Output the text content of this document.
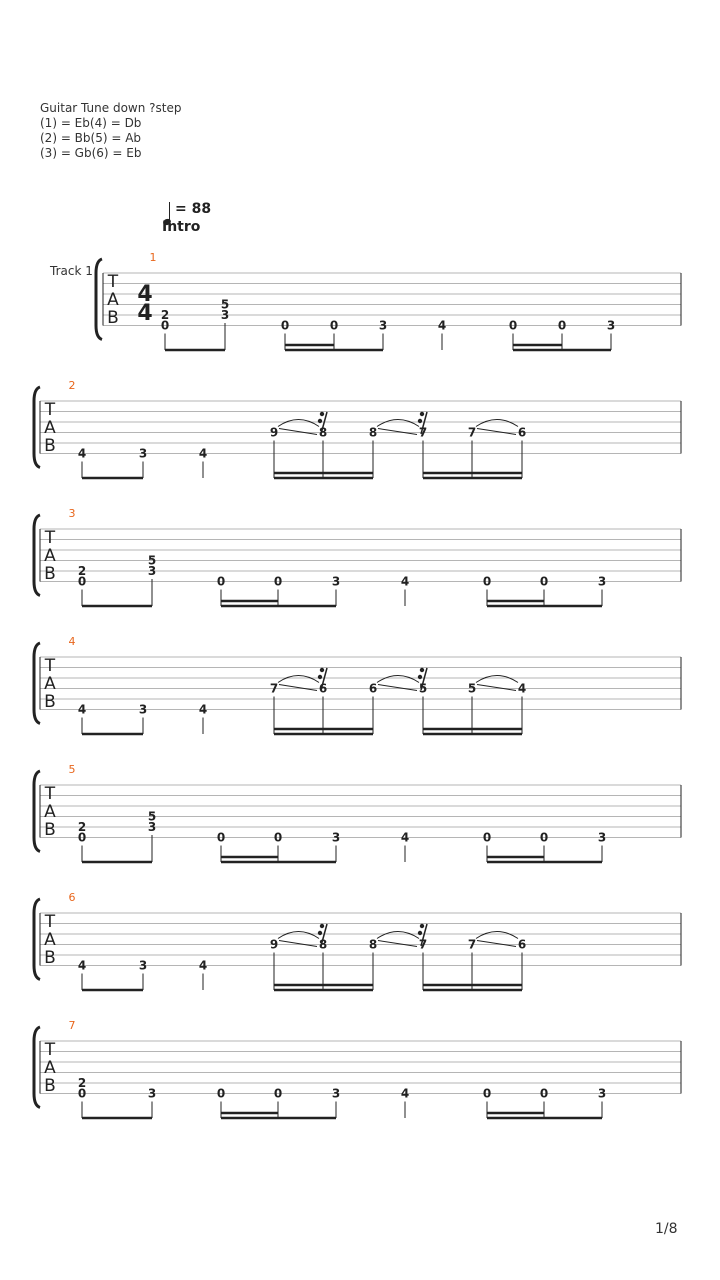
Guitar Tune down ?step
(1) = Eb(4) = Db
(2) = Bb(5) = Ab
(3) = Gb(6) = Eb
= 88
Intro
Track 1
T
A
B
1
4
4 2
0
5
3
0	0	3	4	0	0	3
T
A
B
2
9	8	8	7	7	6
4	3	4
T
A
B
3
2
0
5
3
0	0	3	4	0	0	3
T
A
B
4
7	6	6	5	5	4
4	3	4
T
A
B
5
2
0
5
3
0	0	3	4	0	0	3
T
A
B
6
9	8	8	7	7	6
4	3	4
T
A
B
7
2
0	3	0	0	3	4	0	0	3
1/8
